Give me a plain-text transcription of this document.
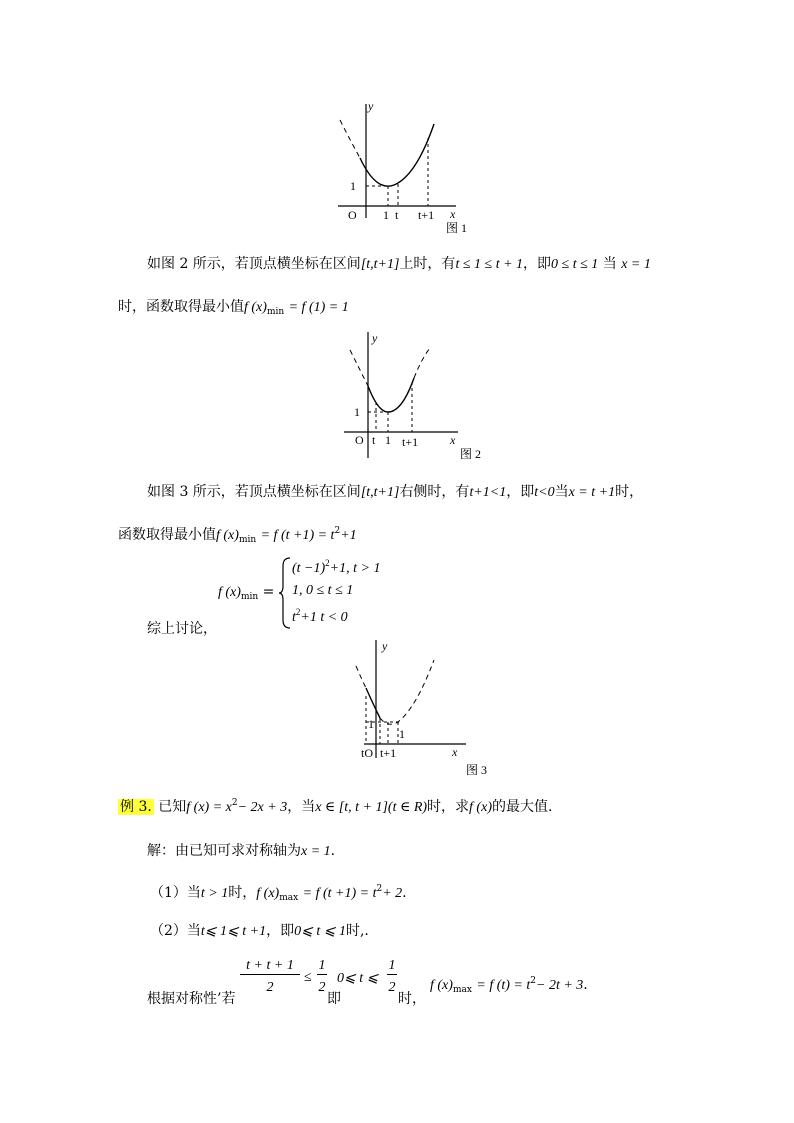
y
x
O
1
1 t t+1
图 1
如图 2 所示，若顶点横坐标在区间[t,t+1]上时，有t ≤ 1 ≤ t + 1，即0 ≤ t ≤ 1 当 x = 1
时，函数取得最小值f $(x)_{min} = f$ (1) = 1
y
x
O
1
t 1 t+1
图 2
如图 3 所示，若顶点横坐标在区间[t,t+1]右侧时，有t+1<1，即t<0当x = t +1时，
函数取得最小值f $(x)_{min} = f$ $(t +1) = t^2+1$
f $(x)_{min}$ =
$(t -1)^2+1$, t > 1
1, 0 ≤ t ≤ 1
$t^2+1$ t < 0
综上讨论，
y
x
tO
1
1
t+1
图 3
例 3. 已知f $(x) = x^2- 2x + 3$，当x ∈ [t, t + 1](t ∈ R)时，求f (x)的最大值.
解：由已知可求对称轴为x = 1.
（1）当t > 1时，f $(x)_{max} = f$ $(t +1) = t^2+ 2$.
（2）当t⩽ 1⩽ t +1，即0⩽ t ⩽ 1时,.
根据对称性’若
t + t + 1
2
≤
1
2
即
0⩽ t ⩽
1
2
时，
f $(x)_{max} = f$ $(t) = t^2- 2t + 3$.
